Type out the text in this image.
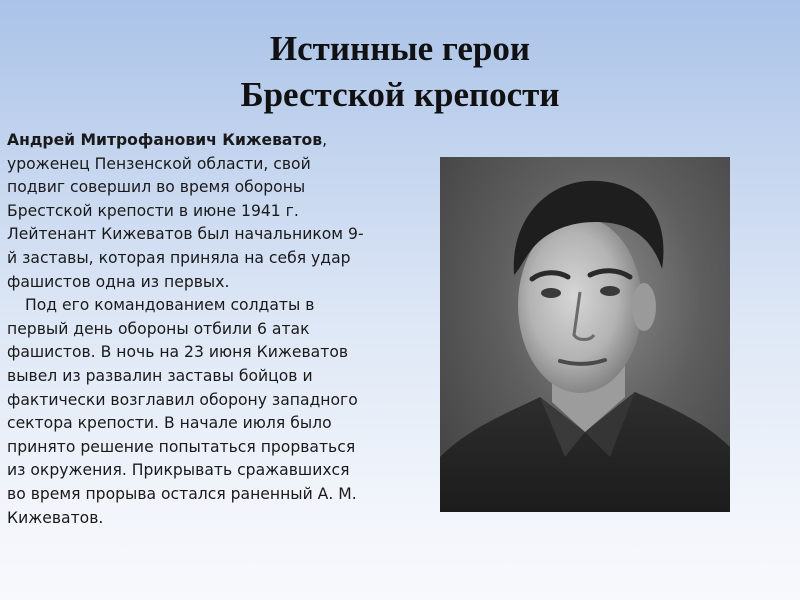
Истинные герои
Брестской крепости

Андрей Митрофанович Кижеватов, уроженец Пензенской области, свой подвиг совершил во время обороны Брестской крепости в июне 1941 г. Лейтенант Кижеватов был начальником 9-й заставы, которая приняла на себя удар фашистов одна из первых.

Под его командованием солдаты в первый день обороны отбили 6 атак фашистов. В ночь на 23 июня Кижеватов вывел из развалин заставы бойцов и фактически возглавил оборону западного сектора крепости. В начале июля было принято решение попытаться прорваться из окружения. Прикрывать сражавшихся во время прорыва остался раненный А. М. Кижеватов.
